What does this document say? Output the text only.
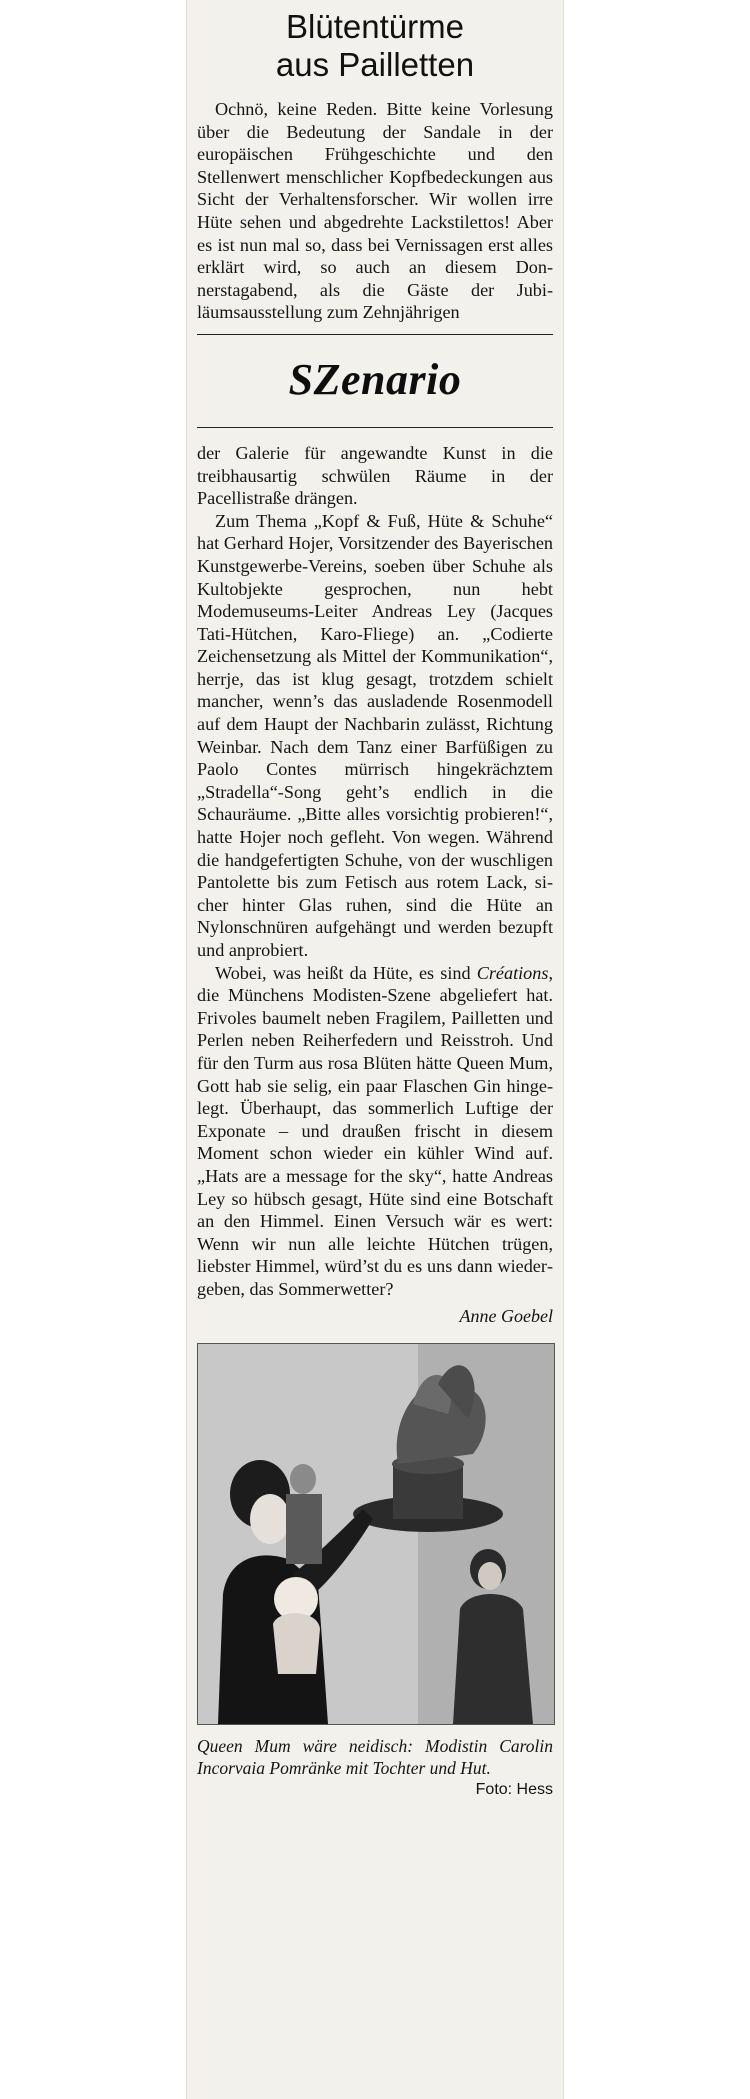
Blütentürme
aus Pailletten

Ochnö, keine Reden. Bitte keine Vorlesung über die Bedeutung der Sandale in der europäischen Frühgeschichte und den Stellenwert menschlicher Kopfbedeckungen aus Sicht der Verhaltensforscher. Wir wollen irre Hüte sehen und abgedrehte Lackstilettos! Aber es ist nun mal so, dass bei Vernissagen erst alles erklärt wird, so auch an diesem Donnerstagabend, als die Gäste der Jubiläumsausstellung zum Zehnjährigen

SZenario

der Galerie für angewandte Kunst in die treibhausartig schwülen Räume in der Pacellistraße drängen.

Zum Thema „Kopf & Fuß, Hüte & Schuhe“ hat Gerhard Hojer, Vorsitzender des Bayerischen Kunstgewerbe-Vereins, soeben über Schuhe als Kultobjekte gesprochen, nun hebt Modemuseums-Leiter Andreas Ley (Jacques Tati-Hütchen, Karo-Fliege) an. „Codierte Zeichensetzung als Mittel der Kommunikation“, herrje, das ist klug gesagt, trotzdem schielt mancher, wenn’s das ausladende Rosenmodell auf dem Haupt der Nachbarin zulässt, Richtung Weinbar. Nach dem Tanz einer Barfüßigen zu Paolo Contes mürrisch hingekrächztem „Stradella“-Song geht’s endlich in die Schauräume. „Bitte alles vorsichtig probieren!“, hatte Hojer noch gefleht. Von wegen. Während die handgefertigten Schuhe, von der wuschligen Pantolette bis zum Fetisch aus rotem Lack, sicher hinter Glas ruhen, sind die Hüte an Nylonschnüren aufgehängt und werden bezupft und anprobiert.

Wobei, was heißt da Hüte, es sind Créations, die Münchens Modisten-Szene abgeliefert hat. Frivoles baumelt neben Fragilem, Pailletten und Perlen neben Reiherfedern und Reisstroh. Und für den Turm aus rosa Blüten hätte Queen Mum, Gott hab sie selig, ein paar Flaschen Gin hingelegt. Überhaupt, das sommerlich Luftige der Exponate – und draußen frischt in diesem Moment schon wieder ein kühler Wind auf. „Hats are a message for the sky“, hatte Andreas Ley so hübsch gesagt, Hüte sind eine Botschaft an den Himmel. Einen Versuch wär es wert: Wenn wir nun alle leichte Hütchen trügen, liebster Himmel, würd’st du es uns dann wiedergeben, das Sommerwetter?

Anne Goebel
Queen Mum wäre neidisch: Modistin Carolin Incorvaia Pomränke mit Tochter und Hut.
Foto: Hess
